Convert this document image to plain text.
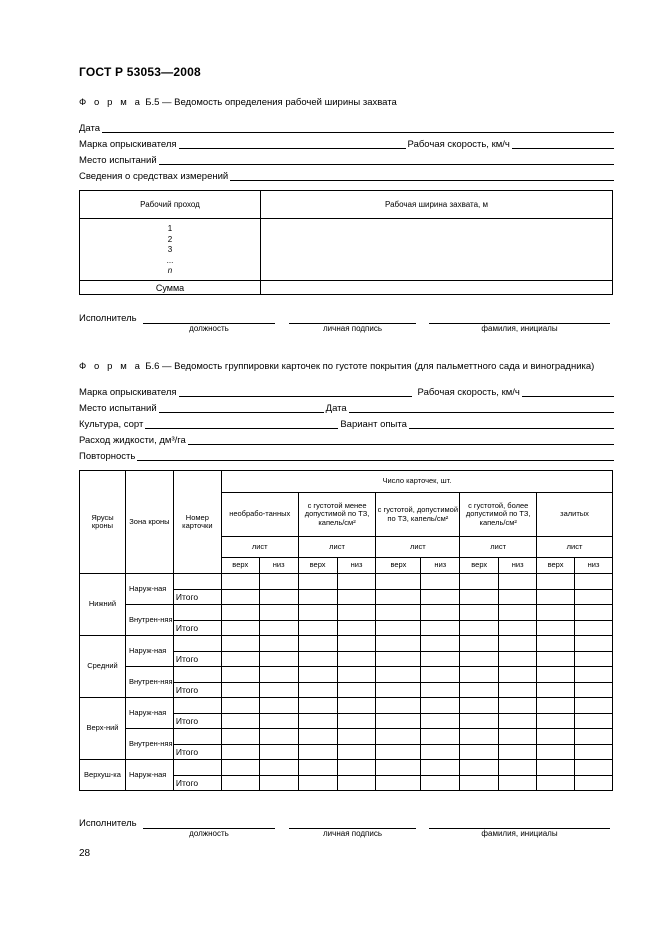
ГОСТ Р 53053—2008
Ф о р м а Б.5 — Ведомость определения рабочей ширины захвата
Дата
Марка опрыскивателя	Рабочая скорость, км/ч
Место испытаний
Сведения о средствах измерений
Рабочий проход	Рабочая ширина захвата, м

1
2
3
...
n	

Сумма	
Исполнитель
должность	личная подпись	фамилия, инициалы
Ф о р м а Б.6 — Ведомость группировки карточек по густоте покрытия (для пальметтного сада и виноградника)
Марка опрыскивателя	Рабочая скорость, км/ч
Место испытаний	Дата
Культура, сорт	Вариант опыта
Расход жидкости, дм³/га
Повторность
Ярусы кроны	Зона кроны	Номер карточки	Число карточек, шт.									
			необрабо-танных		с густотой менее допустимой по ТЗ, капель/см²		с густотой, допустимой по ТЗ, капель/см²		с густотой, более допустимой по ТЗ, капель/см²		залитых	
			лист		лист		лист		лист		лист	
			верх	низ	верх	низ	верх	низ	верх	низ	верх	низ
Нижний	Наруж-ная											
		Итого										
	Внутрен-няя											
		Итого										
Средний	Наруж-ная											
		Итого										
	Внутрен-няя											
		Итого										
Верх-ний	Наруж-ная											
		Итого										
	Внутрен-няя											
		Итого										
Верхуш-ка	Наруж-ная											
		Итого										
Исполнитель
должность	личная подпись	фамилия, инициалы
28
